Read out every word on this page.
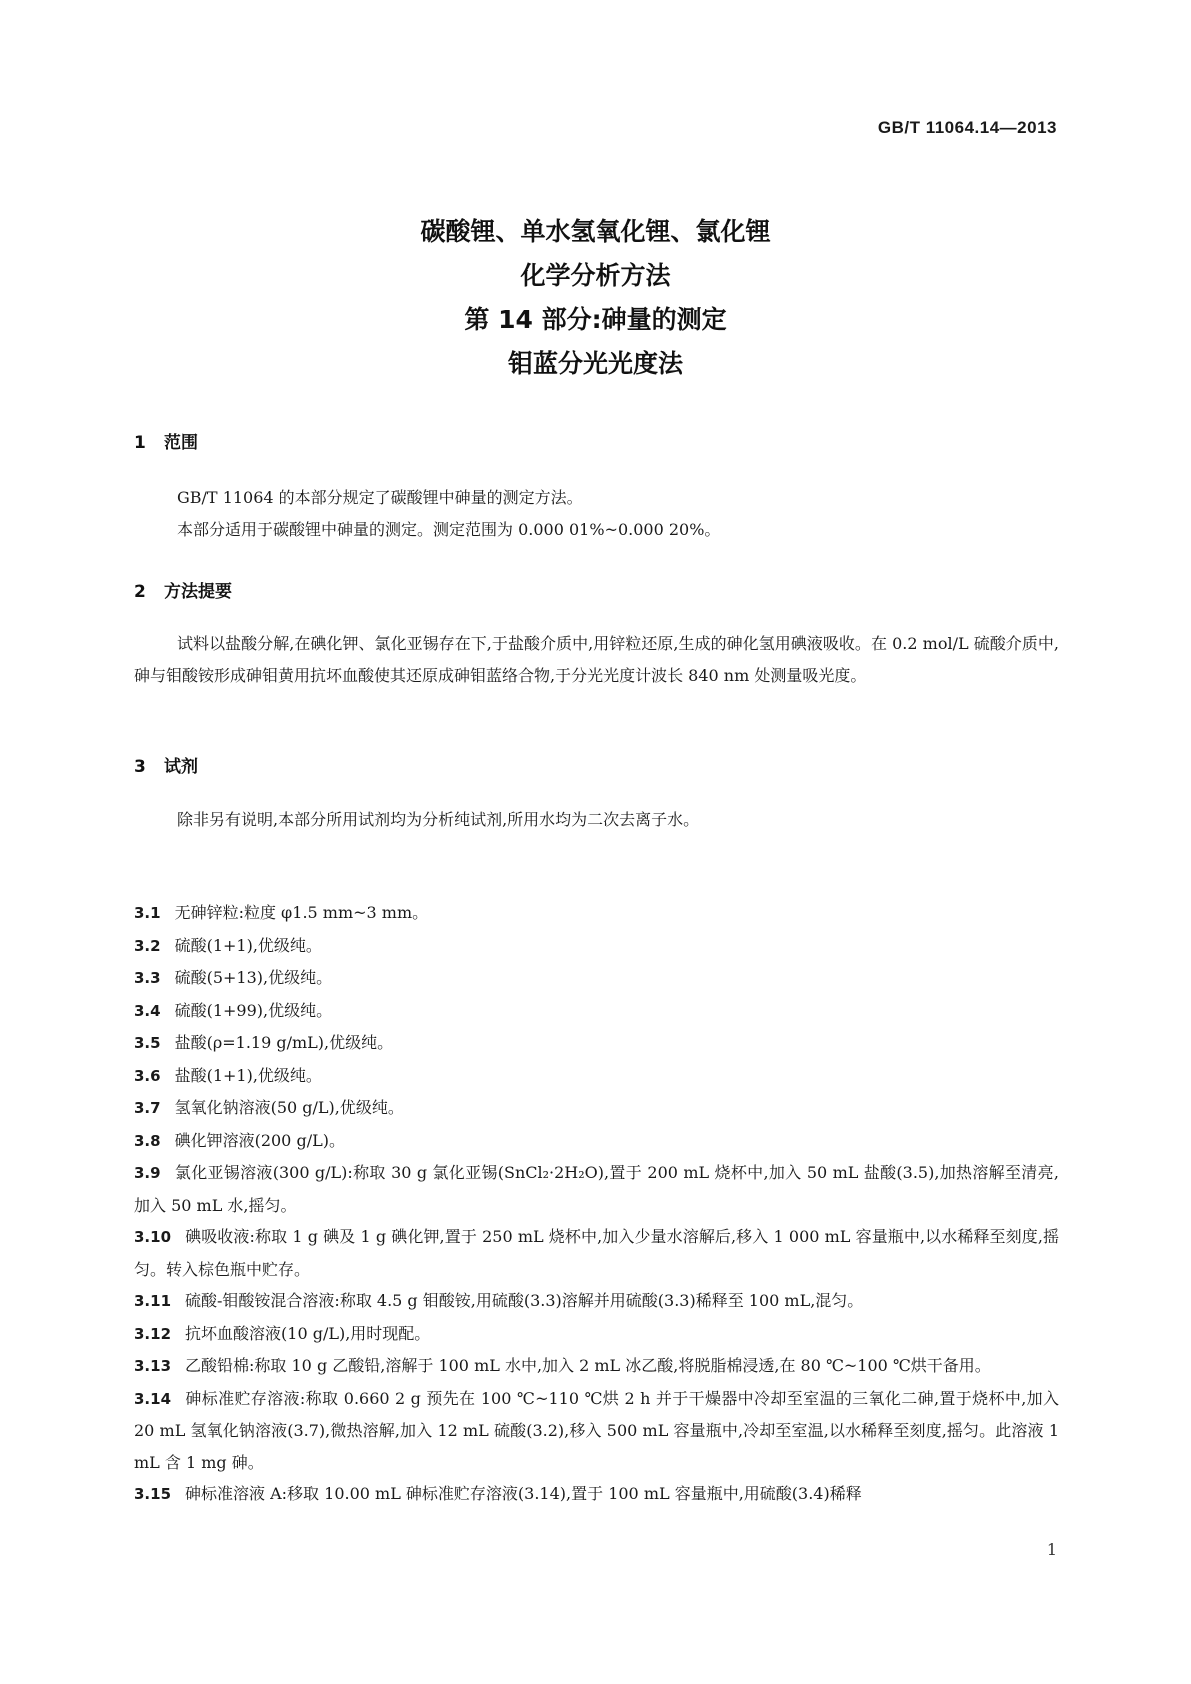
GB/T 11064.14—2013
碳酸锂、单水氢氧化锂、氯化锂
化学分析方法
第 14 部分:砷量的测定
钼蓝分光光度法
1 范围

GB/T 11064 的本部分规定了碳酸锂中砷量的测定方法。

本部分适用于碳酸锂中砷量的测定。测定范围为 0.000 01%~0.000 20%。

2 方法提要

试料以盐酸分解,在碘化钾、氯化亚锡存在下,于盐酸介质中,用锌粒还原,生成的砷化氢用碘液吸收。在 0.2 mol/L 硫酸介质中,砷与钼酸铵形成砷钼黄用抗坏血酸使其还原成砷钼蓝络合物,于分光光度计波长 840 nm 处测量吸光度。

3 试剂

除非另有说明,本部分所用试剂均为分析纯试剂,所用水均为二次去离子水。

3.1 无砷锌粒:粒度 φ1.5 mm~3 mm。
3.2 硫酸(1+1),优级纯。
3.3 硫酸(5+13),优级纯。
3.4 硫酸(1+99),优级纯。
3.5 盐酸(ρ=1.19 g/mL),优级纯。
3.6 盐酸(1+1),优级纯。
3.7 氢氧化钠溶液(50 g/L),优级纯。
3.8 碘化钾溶液(200 g/L)。
3.9 氯化亚锡溶液(300 g/L):称取 30 g 氯化亚锡(SnCl₂·2H₂O),置于 200 mL 烧杯中,加入 50 mL 盐酸(3.5),加热溶解至清亮,加入 50 mL 水,摇匀。
3.10 碘吸收液:称取 1 g 碘及 1 g 碘化钾,置于 250 mL 烧杯中,加入少量水溶解后,移入 1 000 mL 容量瓶中,以水稀释至刻度,摇匀。转入棕色瓶中贮存。
3.11 硫酸-钼酸铵混合溶液:称取 4.5 g 钼酸铵,用硫酸(3.3)溶解并用硫酸(3.3)稀释至 100 mL,混匀。
3.12 抗坏血酸溶液(10 g/L),用时现配。
3.13 乙酸铅棉:称取 10 g 乙酸铅,溶解于 100 mL 水中,加入 2 mL 冰乙酸,将脱脂棉浸透,在 80 ℃~100 ℃烘干备用。
3.14 砷标准贮存溶液:称取 0.660 2 g 预先在 100 ℃~110 ℃烘 2 h 并于干燥器中冷却至室温的三氧化二砷,置于烧杯中,加入 20 mL 氢氧化钠溶液(3.7),微热溶解,加入 12 mL 硫酸(3.2),移入 500 mL 容量瓶中,冷却至室温,以水稀释至刻度,摇匀。此溶液 1 mL 含 1 mg 砷。
3.15 砷标准溶液 A:移取 10.00 mL 砷标准贮存溶液(3.14),置于 100 mL 容量瓶中,用硫酸(3.4)稀释
1
